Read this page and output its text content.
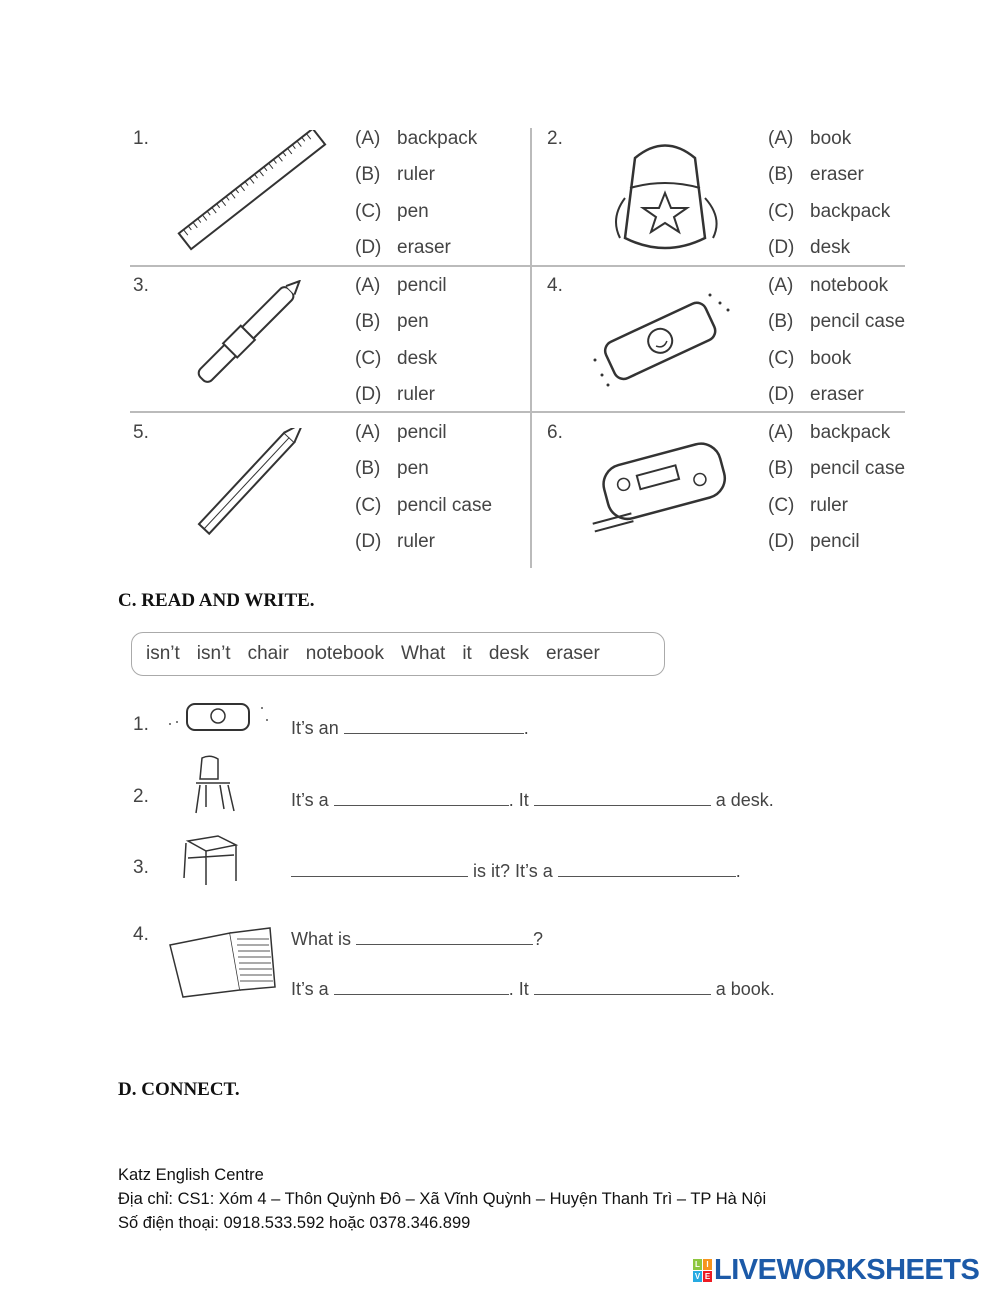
1.	(A) backpack
(B) ruler
(C) pen
(D) eraser
2.	(A) book
(B) eraser
(C) backpack
(D) desk
3.	(A) pencil
(B) pen
(C) desk
(D) ruler
4.	(A) notebook
(B) pencil case
(C) book
(D) eraser
5.	(A) pencil
(B) pen
(C) pencil case
(D) ruler
6.	(A) backpack
(B) pencil case
(C) ruler
(D) pencil
C. READ AND WRITE.
isn’t isn’t chair notebook What it desk eraser
1.	It’s an	.
2.	It’s a	. It	a desk.
3.	is it? It’s a	.
4.	What is	?
It’s a	. It	a book.
D. CONNECT.
Katz English Centre
Địa chỉ: CS1: Xóm 4 – Thôn Quỳnh Đô – Xã Vĩnh Quỳnh – Huyện Thanh Trì – TP Hà Nội
Số điện thoại: 0918.533.592 hoặc 0378.346.899
L I
V E LIVEWORKSHEETS
